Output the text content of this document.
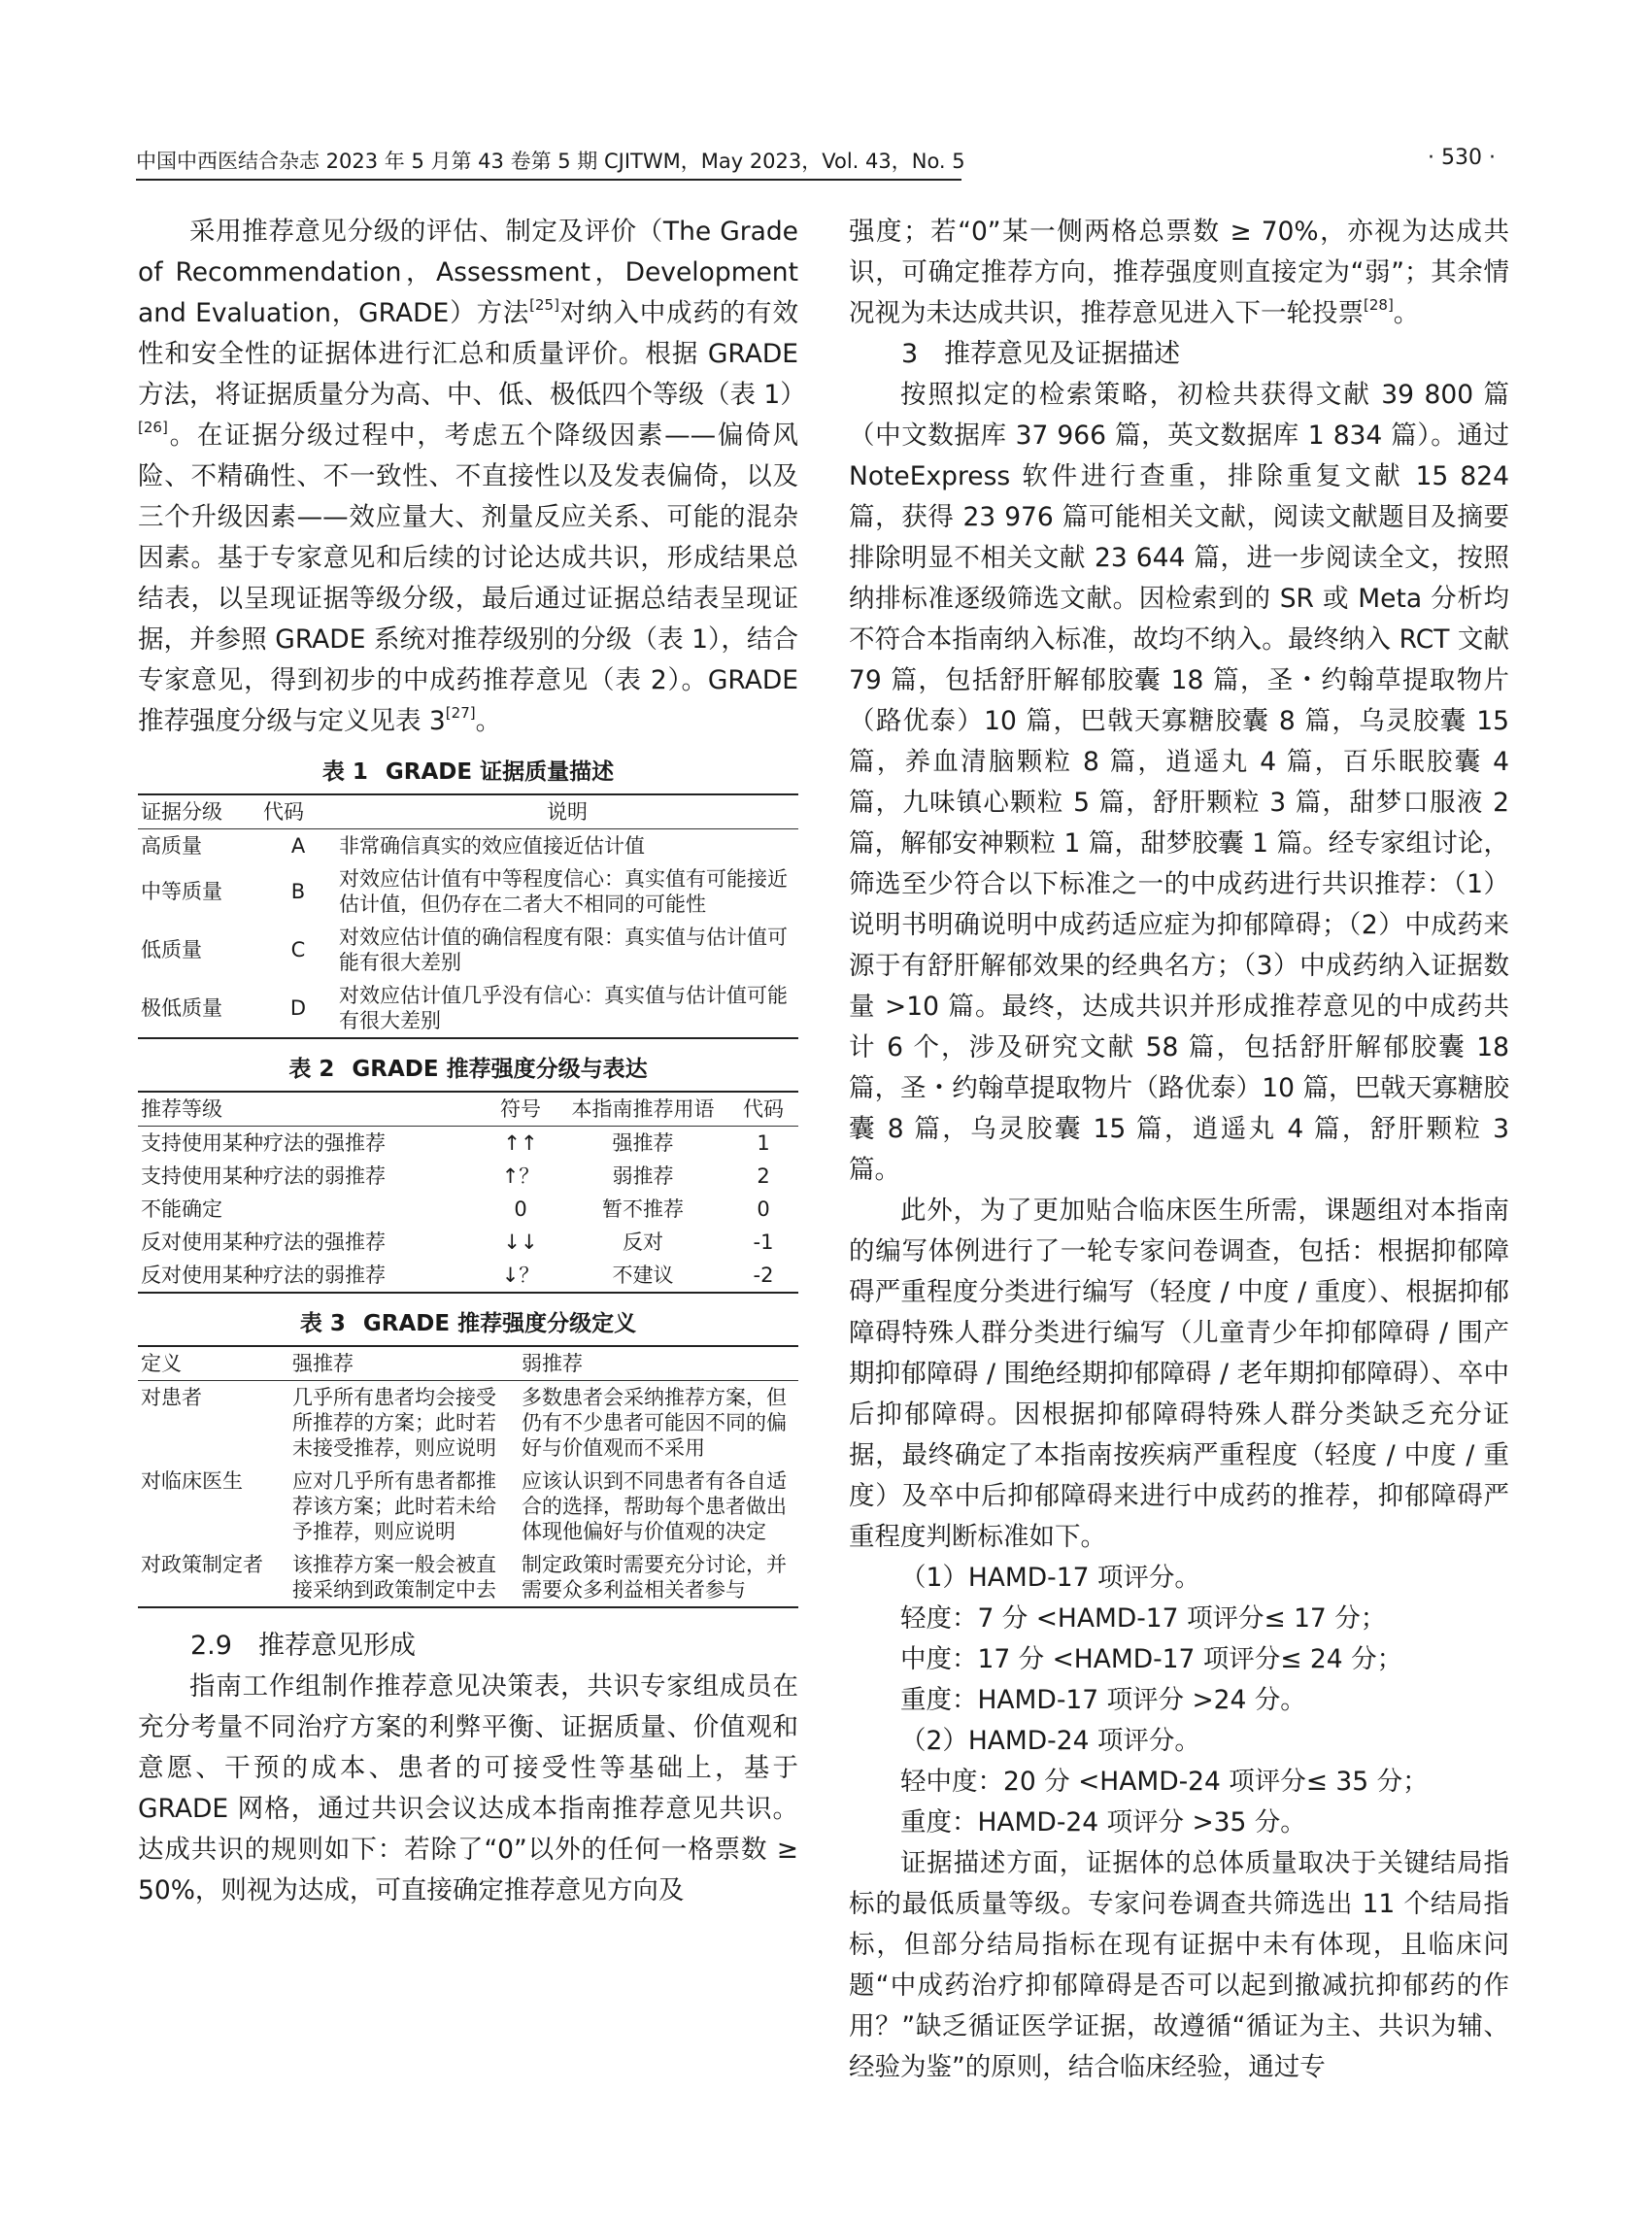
中国中西医结合杂志 2023 年 5 月第 43 卷第 5 期 CJITWM，May 2023，Vol. 43，No. 5	· 530 ·

采用推荐意见分级的评估、制定及评价（The Grade of Recommendation，Assessment，Development and Evaluation，GRADE）方法[25]对纳入中成药的有效性和安全性的证据体进行汇总和质量评价。根据 GRADE 方法，将证据质量分为高、中、低、极低四个等级（表 1）[26]。在证据分级过程中，考虑五个降级因素——偏倚风险、不精确性、不一致性、不直接性以及发表偏倚，以及三个升级因素——效应量大、剂量反应关系、可能的混杂因素。基于专家意见和后续的讨论达成共识，形成结果总结表，以呈现证据等级分级，最后通过证据总结表呈现证据，并参照 GRADE 系统对推荐级别的分级（表 1），结合专家意见，得到初步的中成药推荐意见（表 2）。GRADE 推荐强度分级与定义见表 3[27]。

表 1 GRADE 证据质量描述
证据分级	代码	说明
高质量	A	非常确信真实的效应值接近估计值
中等质量	B	对效应估计值有中等程度信心：真实值有可能接近估计值，但仍存在二者大不相同的可能性
低质量	C	对效应估计值的确信程度有限：真实值与估计值可能有很大差别
极低质量	D	对效应估计值几乎没有信心：真实值与估计值可能有很大差别
表 2 GRADE 推荐强度分级与表达
推荐等级	符号	本指南推荐用语	代码
支持使用某种疗法的强推荐	↑↑	强推荐	1
支持使用某种疗法的弱推荐	↑？	弱推荐	2
不能确定	0	暂不推荐	0
反对使用某种疗法的强推荐	↓↓	反对	-1
反对使用某种疗法的弱推荐	↓？	不建议	-2
表 3 GRADE 推荐强度分级定义
定义	强推荐	弱推荐
对患者	几乎所有患者均会接受所推荐的方案；此时若未接受推荐，则应说明	多数患者会采纳推荐方案，但仍有不少患者可能因不同的偏好与价值观而不采用
对临床医生	应对几乎所有患者都推荐该方案；此时若未给予推荐，则应说明	应该认识到不同患者有各自适合的选择，帮助每个患者做出体现他偏好与价值观的决定
对政策制定者	该推荐方案一般会被直接采纳到政策制定中去	制定政策时需要充分讨论，并需要众多利益相关者参与
2.9　推荐意见形成

指南工作组制作推荐意见决策表，共识专家组成员在充分考量不同治疗方案的利弊平衡、证据质量、价值观和意愿、干预的成本、患者的可接受性等基础上，基于 GRADE 网格，通过共识会议达成本指南推荐意见共识。达成共识的规则如下：若除了“0”以外的任何一格票数 ≥ 50%，则视为达成，可直接确定推荐意见方向及

强度；若“0”某一侧两格总票数 ≥ 70%，亦视为达成共识，可确定推荐方向，推荐强度则直接定为“弱”；其余情况视为未达成共识，推荐意见进入下一轮投票[28]。

3　推荐意见及证据描述

按照拟定的检索策略，初检共获得文献 39 800 篇（中文数据库 37 966 篇，英文数据库 1 834 篇）。通过 NoteExpress 软件进行查重，排除重复文献 15 824 篇，获得 23 976 篇可能相关文献，阅读文献题目及摘要排除明显不相关文献 23 644 篇，进一步阅读全文，按照纳排标准逐级筛选文献。因检索到的 SR 或 Meta 分析均不符合本指南纳入标准，故均不纳入。最终纳入 RCT 文献 79 篇，包括舒肝解郁胶囊 18 篇，圣・约翰草提取物片（路优泰）10 篇，巴戟天寡糖胶囊 8 篇，乌灵胶囊 15 篇，养血清脑颗粒 8 篇，逍遥丸 4 篇，百乐眠胶囊 4 篇，九味镇心颗粒 5 篇，舒肝颗粒 3 篇，甜梦口服液 2 篇，解郁安神颗粒 1 篇，甜梦胶囊 1 篇。经专家组讨论，筛选至少符合以下标准之一的中成药进行共识推荐：（1）说明书明确说明中成药适应症为抑郁障碍；（2）中成药来源于有舒肝解郁效果的经典名方；（3）中成药纳入证据数量 >10 篇。最终，达成共识并形成推荐意见的中成药共计 6 个，涉及研究文献 58 篇，包括舒肝解郁胶囊 18 篇，圣・约翰草提取物片（路优泰）10 篇，巴戟天寡糖胶囊 8 篇，乌灵胶囊 15 篇，逍遥丸 4 篇，舒肝颗粒 3 篇。

此外，为了更加贴合临床医生所需，课题组对本指南的编写体例进行了一轮专家问卷调查，包括：根据抑郁障碍严重程度分类进行编写（轻度 / 中度 / 重度）、根据抑郁障碍特殊人群分类进行编写（儿童青少年抑郁障碍 / 围产期抑郁障碍 / 围绝经期抑郁障碍 / 老年期抑郁障碍）、卒中后抑郁障碍。因根据抑郁障碍特殊人群分类缺乏充分证据，最终确定了本指南按疾病严重程度（轻度 / 中度 / 重度）及卒中后抑郁障碍来进行中成药的推荐，抑郁障碍严重程度判断标准如下。

（1）HAMD-17 项评分。

轻度：7 分 <HAMD-17 项评分≤ 17 分；

中度：17 分 <HAMD-17 项评分≤ 24 分；

重度：HAMD-17 项评分 >24 分。

（2）HAMD-24 项评分。

轻中度：20 分 <HAMD-24 项评分≤ 35 分；

重度：HAMD-24 项评分 >35 分。

证据描述方面，证据体的总体质量取决于关键结局指标的最低质量等级。专家问卷调查共筛选出 11 个结局指标，但部分结局指标在现有证据中未有体现，且临床问题“中成药治疗抑郁障碍是否可以起到撤减抗抑郁药的作用？”缺乏循证医学证据，故遵循“循证为主、共识为辅、经验为鉴”的原则，结合临床经验，通过专
